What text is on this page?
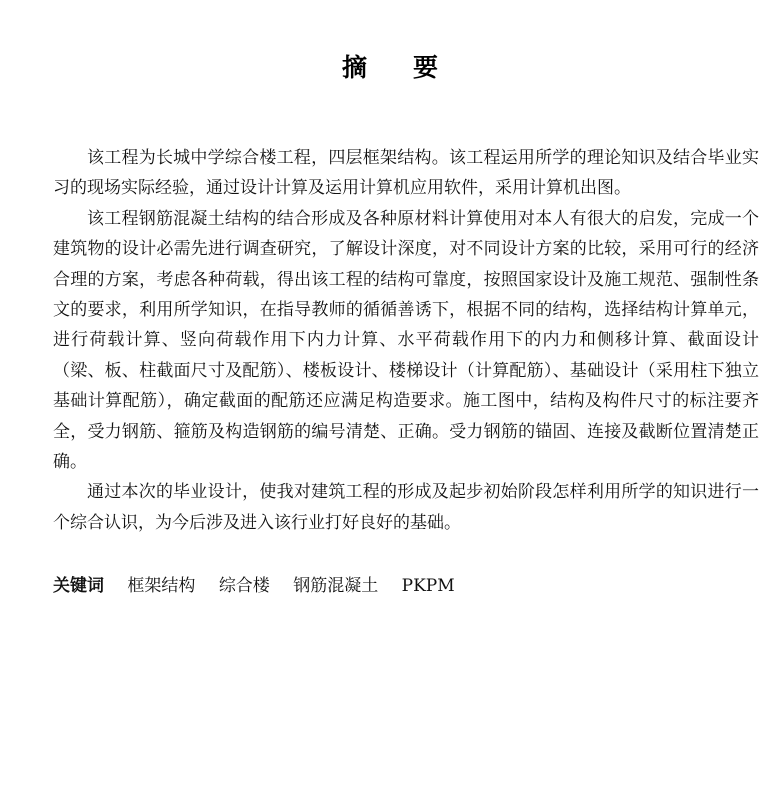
摘要

该工程为长城中学综合楼工程，四层框架结构。该工程运用所学的理论知识及结合毕业实习的现场实际经验，通过设计计算及运用计算机应用软件，采用计算机出图。

该工程钢筋混凝土结构的结合形成及各种原材料计算使用对本人有很大的启发，完成一个建筑物的设计必需先进行调查研究，了解设计深度，对不同设计方案的比较，采用可行的经济合理的方案，考虑各种荷载，得出该工程的结构可靠度，按照国家设计及施工规范、强制性条文的要求，利用所学知识，在指导教师的循循善诱下，根据不同的结构，选择结构计算单元，进行荷载计算、竖向荷载作用下内力计算、水平荷载作用下的内力和侧移计算、截面设计（梁、板、柱截面尺寸及配筋）、楼板设计、楼梯设计（计算配筋）、基础设计（采用柱下独立基础计算配筋），确定截面的配筋还应满足构造要求。施工图中，结构及构件尺寸的标注要齐全，受力钢筋、箍筋及构造钢筋的编号清楚、正确。受力钢筋的锚固、连接及截断位置清楚正确。

通过本次的毕业设计，使我对建筑工程的形成及起步初始阶段怎样利用所学的知识进行一个综合认识，为今后涉及进入该行业打好良好的基础。

关键词 框架结构 综合楼 钢筋混凝土 PKPM
